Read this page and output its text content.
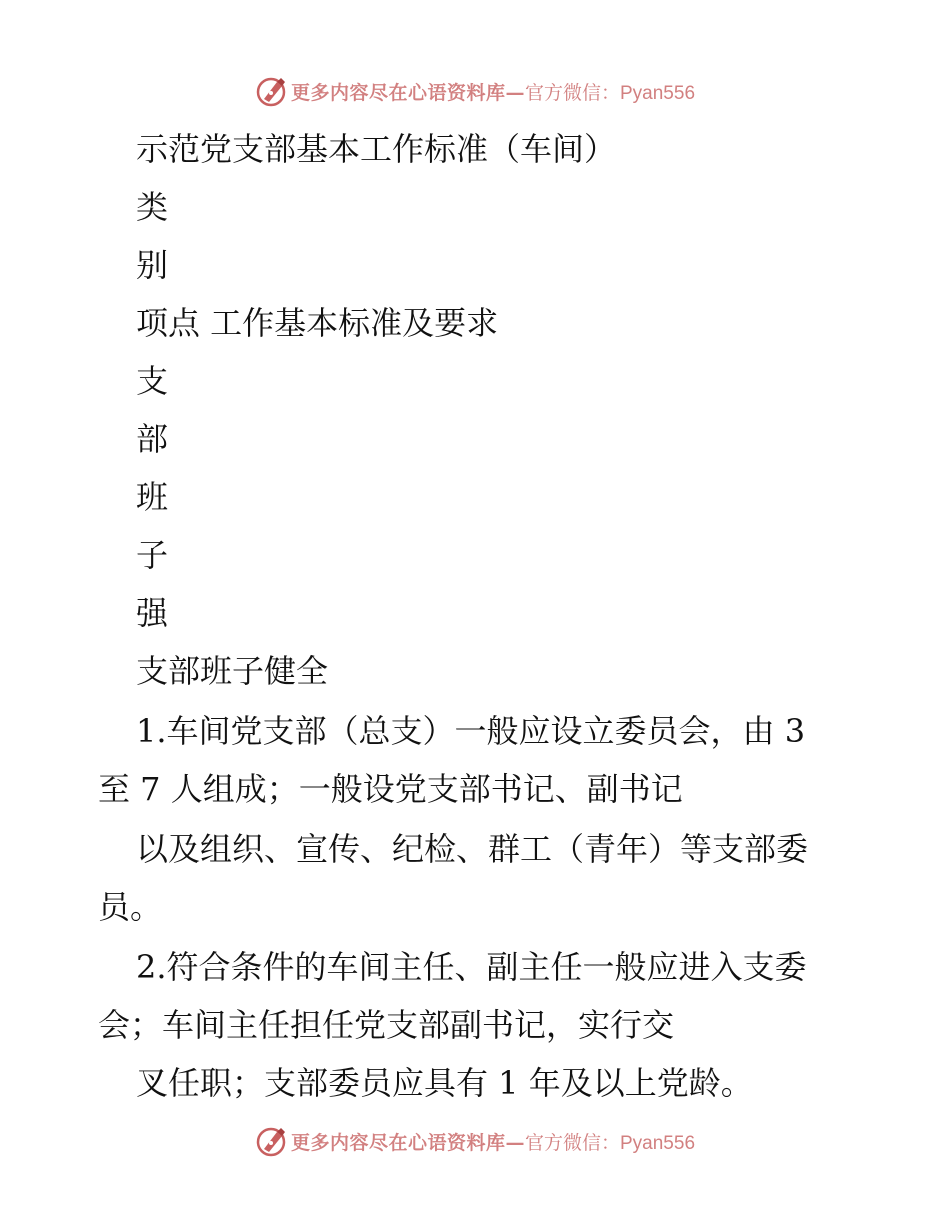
更多内容尽在心语资料库— 官方微信：Pyan556
示范党支部基本工作标准（车间）
类
别
项点 工作基本标准及要求
支
部
班
子
强
支部班子健全
1.车间党支部（总支）一般应设立委员会，由 3
至 7 人组成；一般设党支部书记、副书记
以及组织、宣传、纪检、群工（青年）等支部委
员。
2.符合条件的车间主任、副主任一般应进入支委
会；车间主任担任党支部副书记，实行交
叉任职；支部委员应具有 1 年及以上党龄。
更多内容尽在心语资料库— 官方微信：Pyan556
